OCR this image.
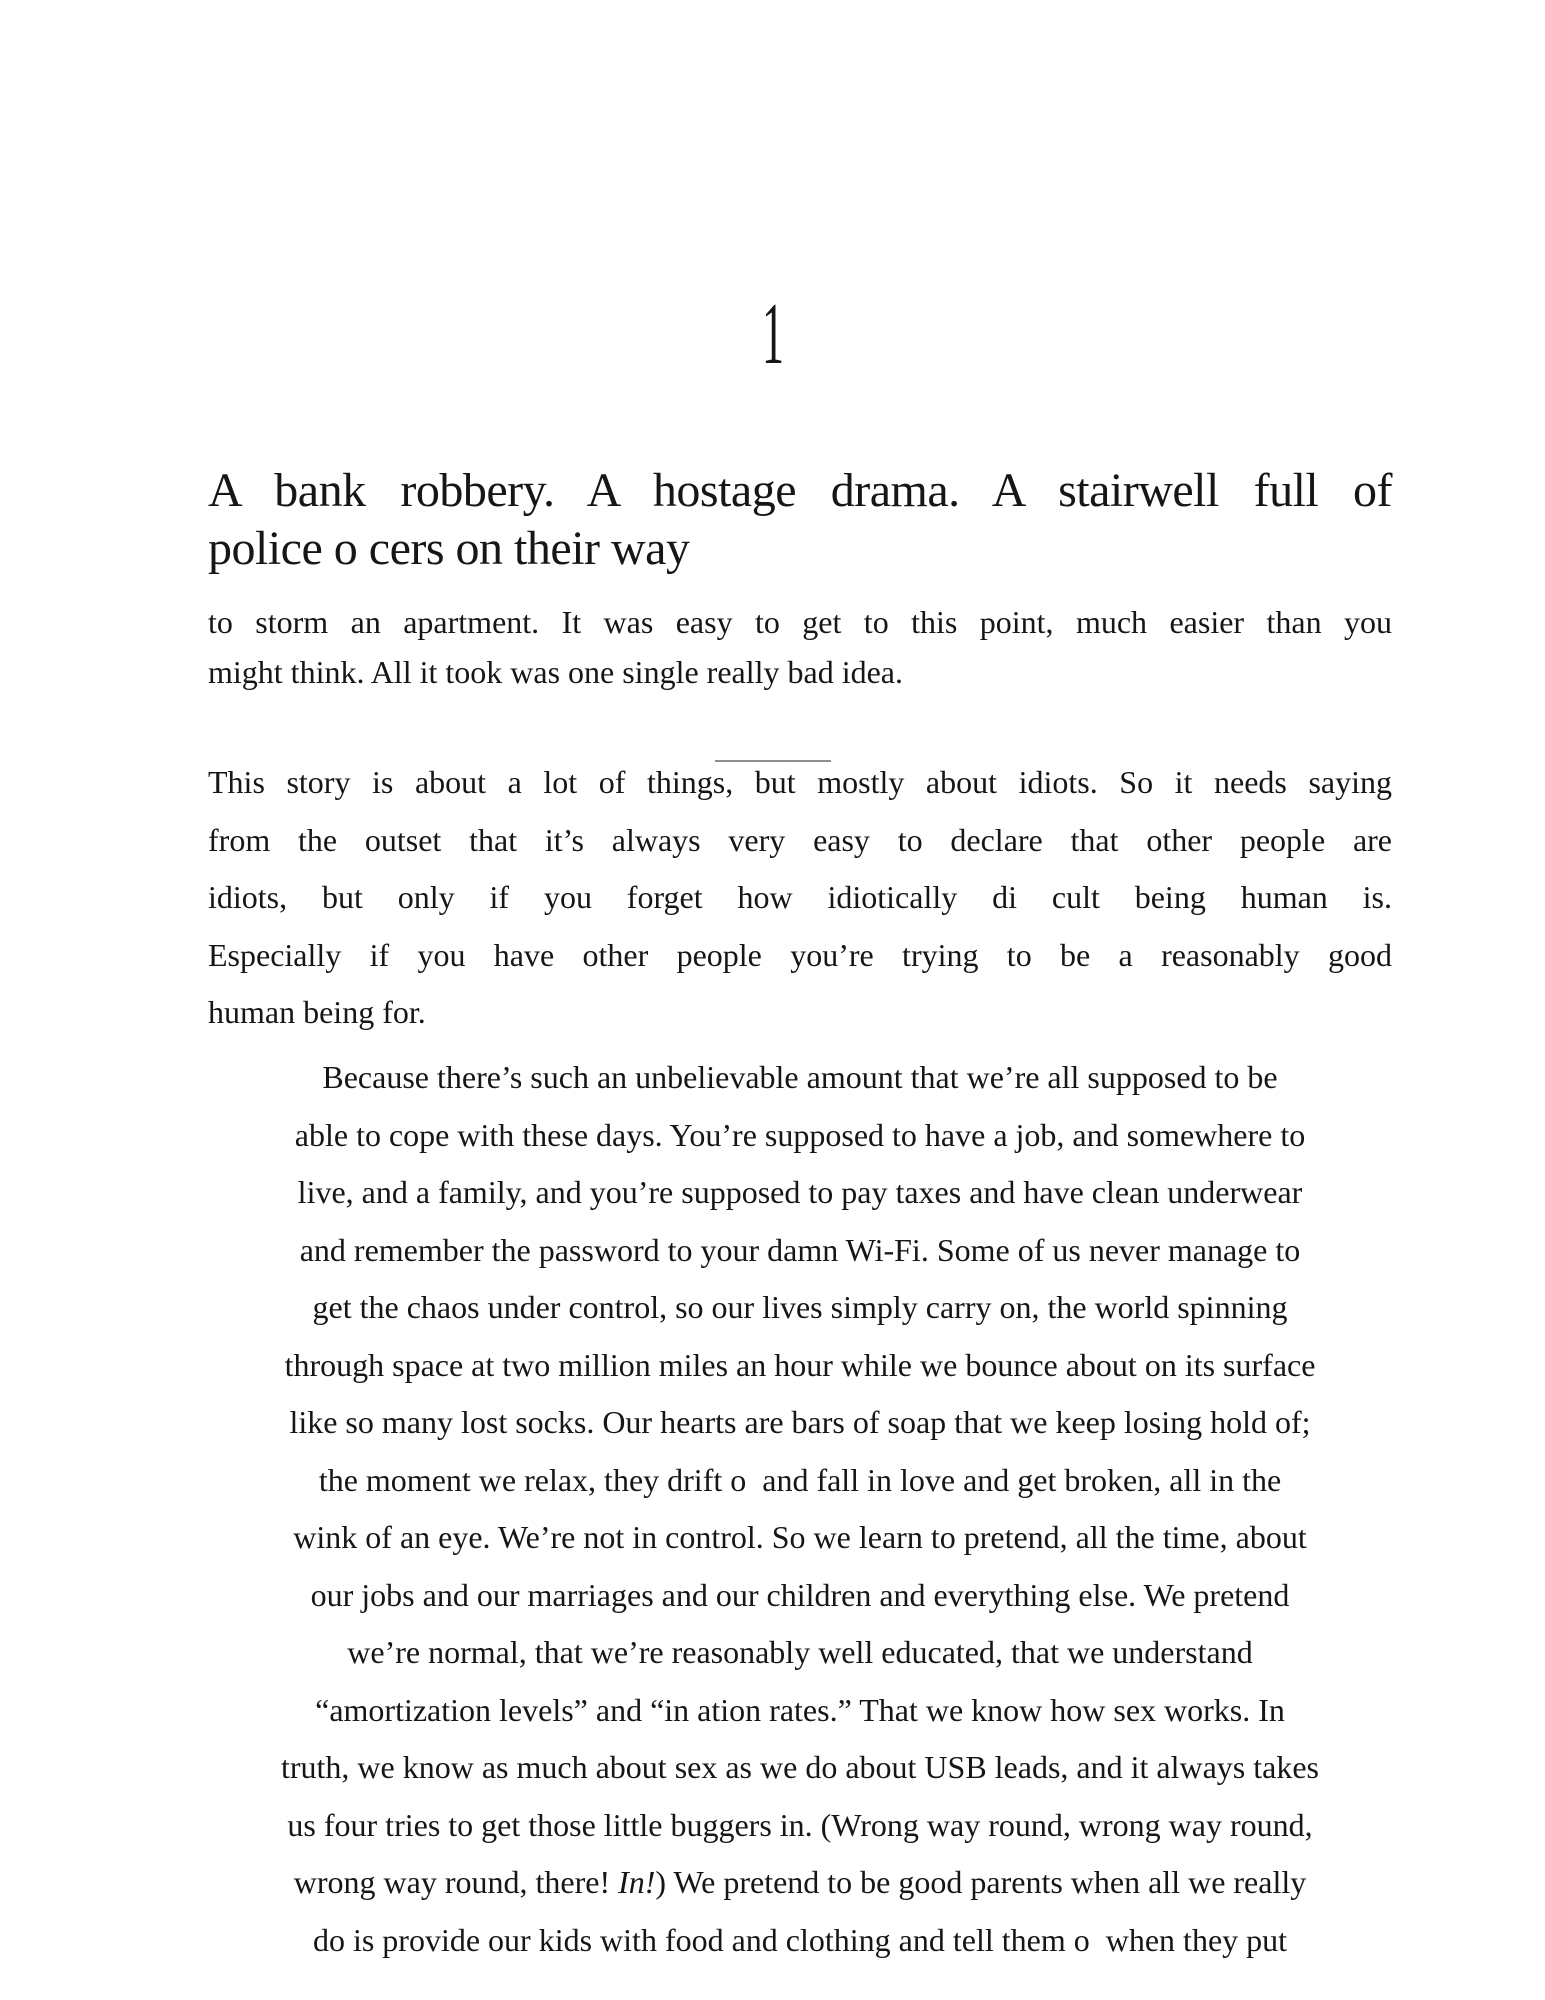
1
A bank robbery. A hostage drama. A stairwell full of
police o cers on their way
to storm an apartment. It was easy to get to this point, much easier than you
might think. All it took was one single really bad idea.
This story is about a lot of things, but mostly about idiots. So it needs saying
from the outset that it’s always very easy to declare that other people are
idiots, but only if you forget how idiotically di cult being human is.
Especially if you have other people you’re trying to be a reasonably good
human being for.
Because there’s such an unbelievable amount that we’re all supposed to be
able to cope with these days. You’re supposed to have a job, and somewhere to
live, and a family, and you’re supposed to pay taxes and have clean underwear
and remember the password to your damn Wi-Fi. Some of us never manage to
get the chaos under control, so our lives simply carry on, the world spinning
through space at two million miles an hour while we bounce about on its surface
like so many lost socks. Our hearts are bars of soap that we keep losing hold of;
the moment we relax, they drift o  and fall in love and get broken, all in the
wink of an eye. We’re not in control. So we learn to pretend, all the time, about
our jobs and our marriages and our children and everything else. We pretend
we’re normal, that we’re reasonably well educated, that we understand
“amortization levels” and “in ation rates.” That we know how sex works. In
truth, we know as much about sex as we do about USB leads, and it always takes
us four tries to get those little buggers in. (Wrong way round, wrong way round,
wrong way round, there! In!) We pretend to be good parents when all we really
do is provide our kids with food and clothing and tell them o  when they put
